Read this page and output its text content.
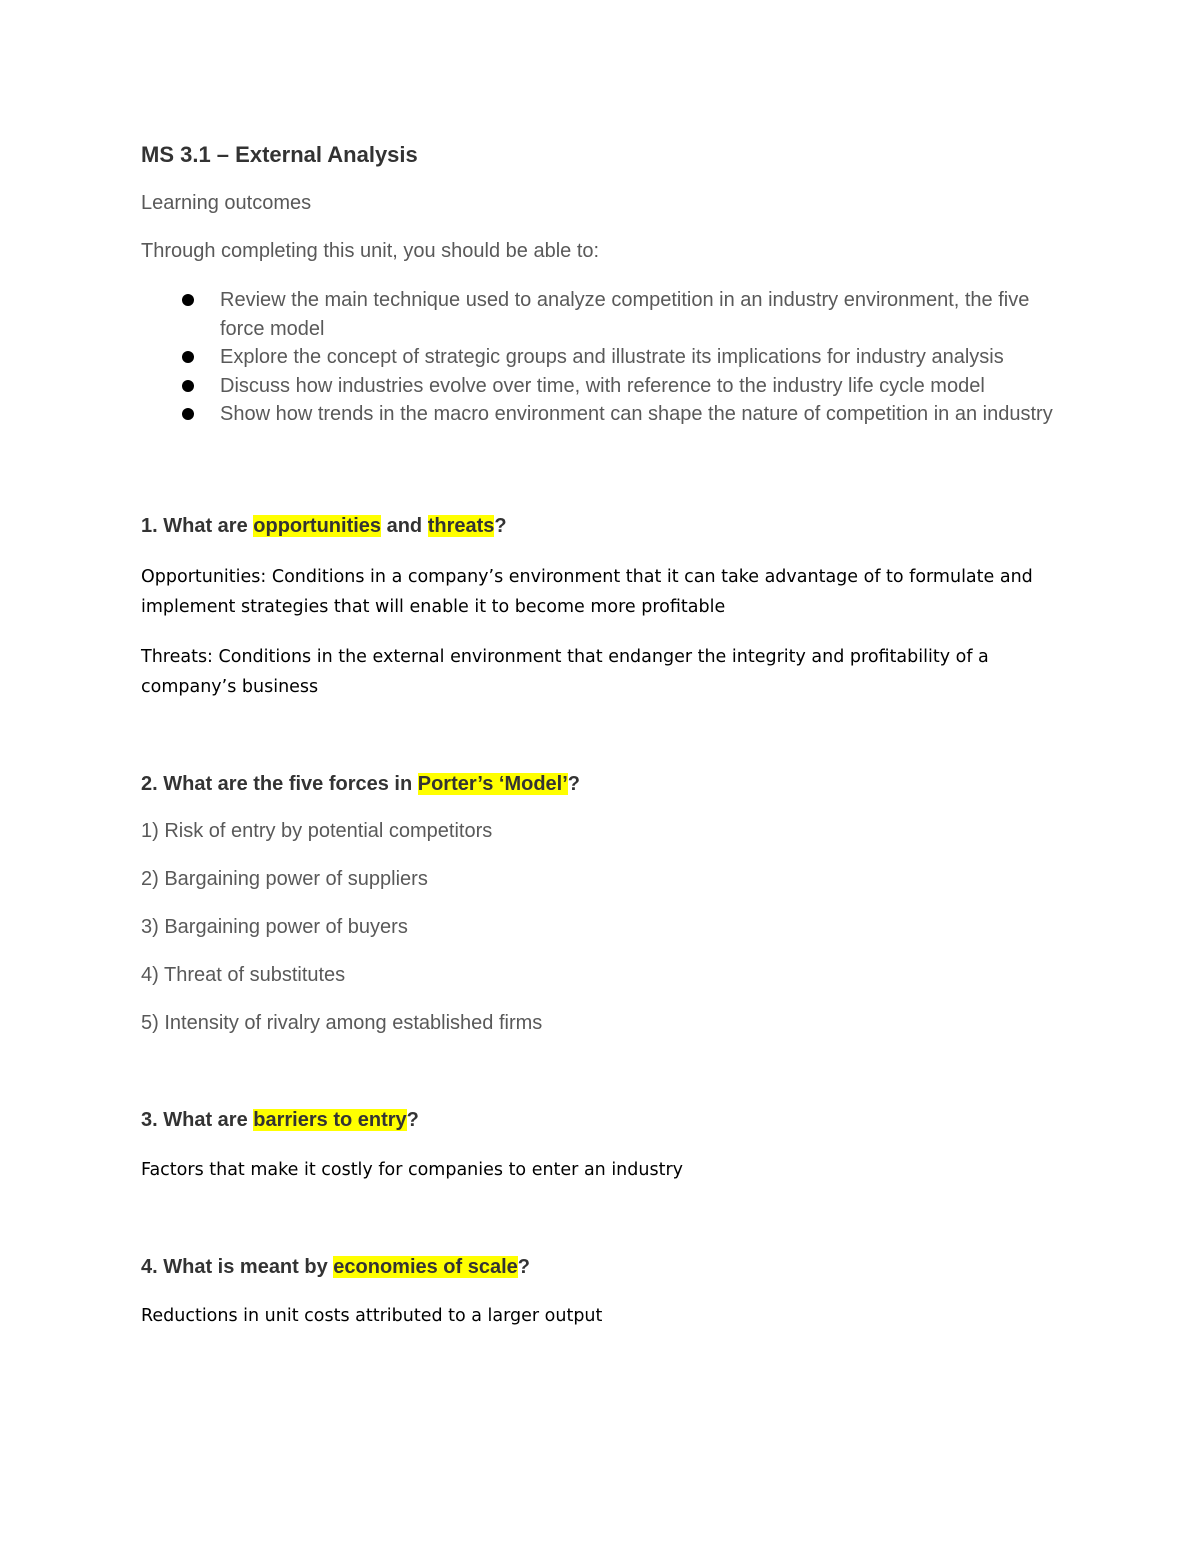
MS 3.1 – External Analysis
Learning outcomes
Through completing this unit, you should be able to:
Review the main technique used to analyze competition in an industry environment, the five force model
Explore the concept of strategic groups and illustrate its implications for industry analysis
Discuss how industries evolve over time, with reference to the industry life cycle model
Show how trends in the macro environment can shape the nature of competition in an industry
1. What are opportunities and threats?
Opportunities: Conditions in a company’s environment that it can take advantage of to formulate and implement strategies that will enable it to become more profitable
Threats: Conditions in the external environment that endanger the integrity and profitability of a company’s business
2. What are the five forces in Porter’s ‘Model’?
1) Risk of entry by potential competitors
2) Bargaining power of suppliers
3) Bargaining power of buyers
4) Threat of substitutes
5) Intensity of rivalry among established firms
3. What are barriers to entry?
Factors that make it costly for companies to enter an industry
4. What is meant by economies of scale?
Reductions in unit costs attributed to a larger output
